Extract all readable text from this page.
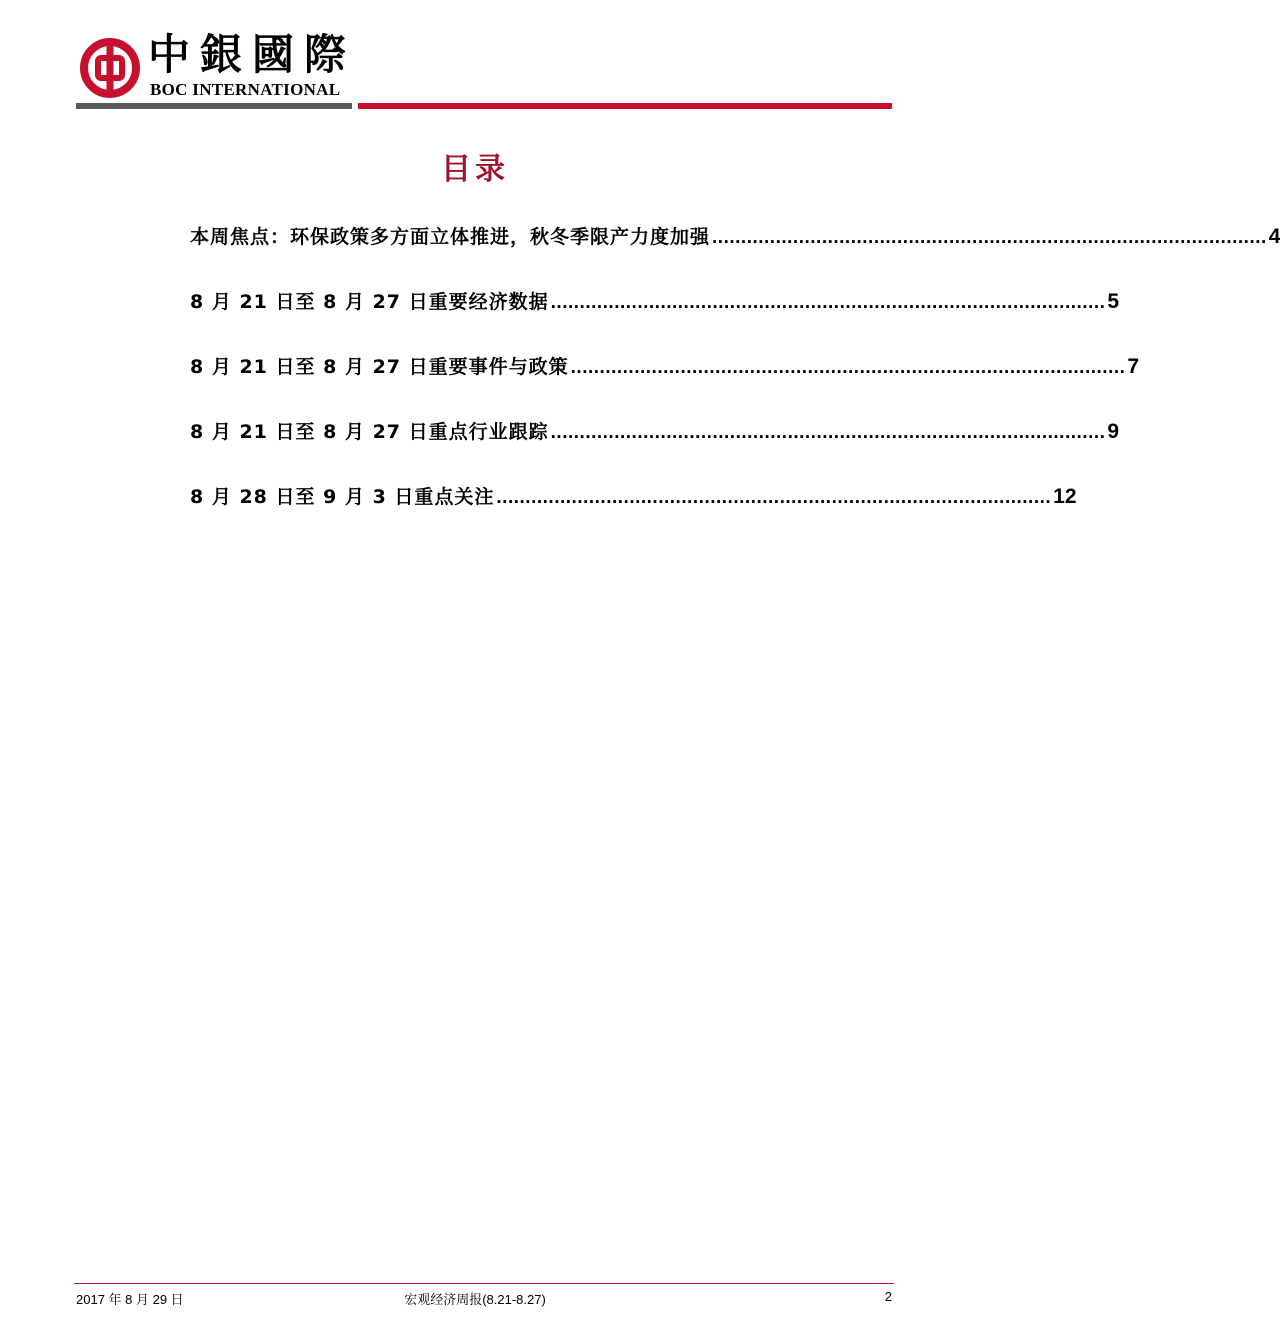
中銀國際
BOC INTERNATIONAL
目录
本周焦点：环保政策多方面立体推进，秋冬季限产力度加强 ................................................................................................ 4
8 月 21 日至 8 月 27 日重要经济数据 ................................................................................................ 5
8 月 21 日至 8 月 27 日重要事件与政策 ................................................................................................ 7
8 月 21 日至 8 月 27 日重点行业跟踪 ................................................................................................ 9
8 月 28 日至 9 月 3 日重点关注 ................................................................................................ 12
2017 年 8 月 29 日	宏观经济周报(8.21-8.27)	2
